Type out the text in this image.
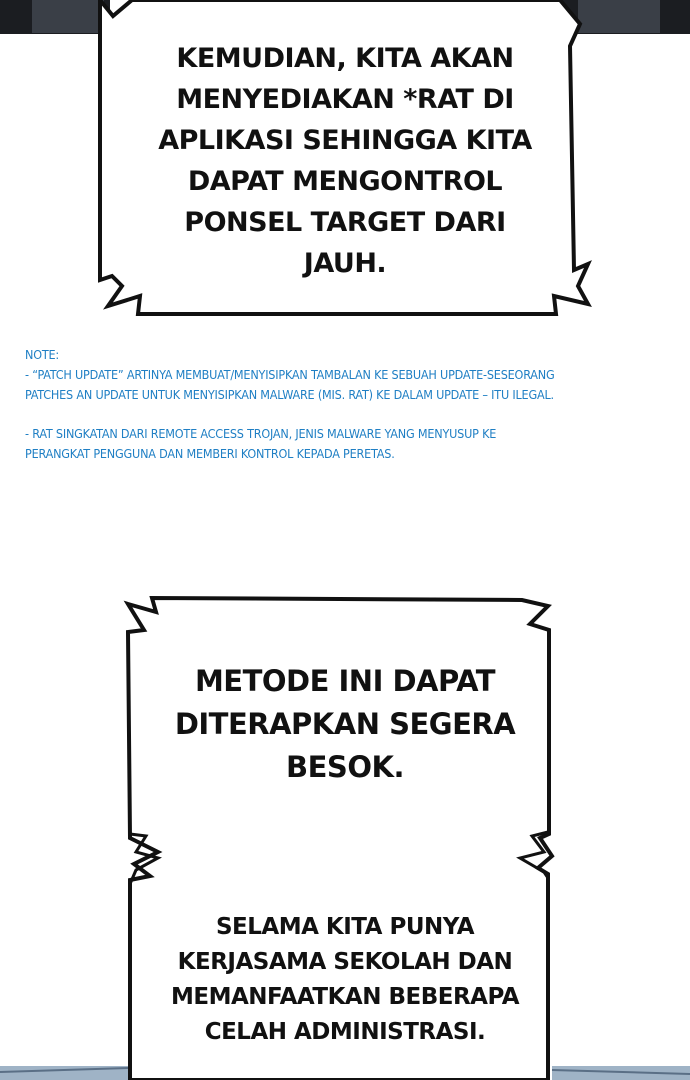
KEMUDIAN, KITA AKAN
MENYEDIAKAN *RAT DI
APLIKASI SEHINGGA KITA
DAPAT MENGONTROL
PONSEL TARGET DARI
JAUH.

NOTE:

- “PATCH UPDATE” ARTINYA MEMBUAT/MENYISIPKAN TAMBALAN KE SEBUAH UPDATE-SESEORANG

PATCHES AN UPDATE UNTUK MENYISIPKAN MALWARE (MIS. RAT) KE DALAM UPDATE – ITU ILEGAL.

- RAT SINGKATAN DARI REMOTE ACCESS TROJAN, JENIS MALWARE YANG MENYUSUP KE

PERANGKAT PENGGUNA DAN MEMBERI KONTROL KEPADA PERETAS.

METODE INI DAPAT
DITERAPKAN SEGERA
BESOK.
SELAMA KITA PUNYA
KERJASAMA SEKOLAH DAN
MEMANFAATKAN BEBERAPA
CELAH ADMINISTRASI.
